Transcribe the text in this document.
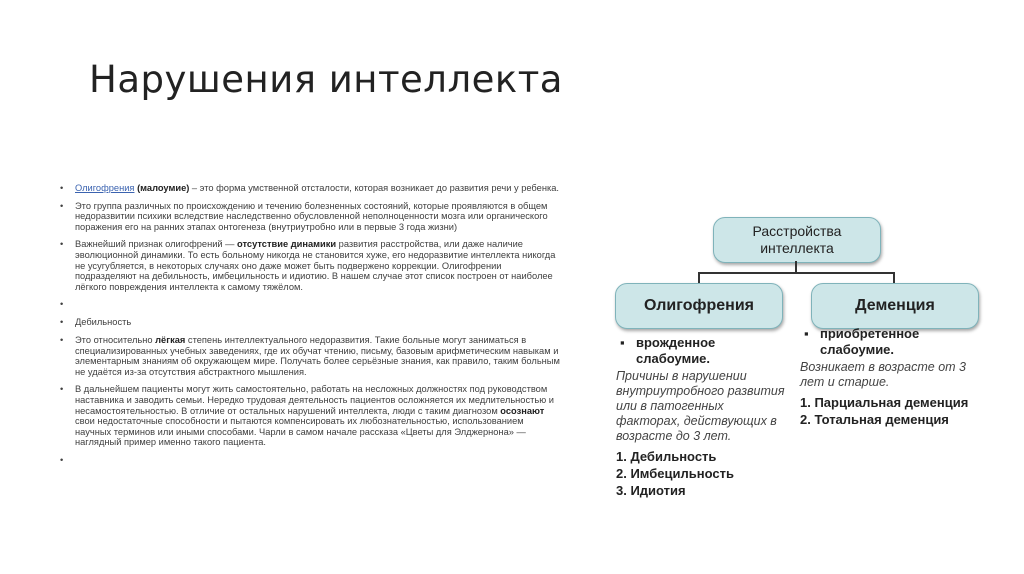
Нарушения интеллекта
• Олигофрения (малоумие) – это форма умственной отсталости, которая возникает до развития речи у ребенка.
• Это группа различных по происхождению и течению болезненных состояний, которые проявляются в общем недоразвитии психики вследствие наследственно обусловленной неполноценности мозга или органического поражения его на ранних этапах онтогенеза (внутриутробно или в первые 3 года жизни)
• Важнейший признак олигофрений — отсутствие динамики развития расстройства, или даже наличие эволюционной динамики. То есть больному никогда не становится хуже, его недоразвитие интеллекта никогда не усугубляется, в некоторых случаях оно даже может быть подвержено коррекции. Олигофрении подразделяют на дебильность, имбецильность и идиотию. В нашем случае этот список построен от наиболее лёгкого повреждения интеллекта к самому тяжёлом.
•
• Дебильность
• Это относительно лёгкая степень интеллектуального недоразвития. Такие больные могут заниматься в специализированных учебных заведениях, где их обучат чтению, письму, базовым арифметическим навыкам и элементарным знаниям об окружающем мире. Получать более серьёзные знания, как правило, таким больным не удаётся из-за отсутствия абстрактного мышления.
• В дальнейшем пациенты могут жить самостоятельно, работать на несложных должностях под руководством наставника и заводить семьи. Нередко трудовая деятельность пациентов осложняется их медлительностью и несамостоятельностью. В отличие от остальных нарушений интеллекта, люди с таким диагнозом осознают свои недостаточные способности и пытаются компенсировать их любознательностью, использованием научных терминов или иными способами. Чарли в самом начале рассказа «Цветы для Элджернона» — наглядный пример именно такого пациента.
•
Расстройства интеллекта
Олигофрения	Деменция
▪ врожденное слабоумие.
Причины в нарушении внутриутробного развития или в патогенных факторах, действующих в возрасте до 3 лет.
1. Дебильность
2. Имбецильность
3. Идиотия
▪ приобретенное слабоумие.
Возникает в возрасте от 3 лет и старше.
1. Парциальная деменция
2. Тотальная деменция
